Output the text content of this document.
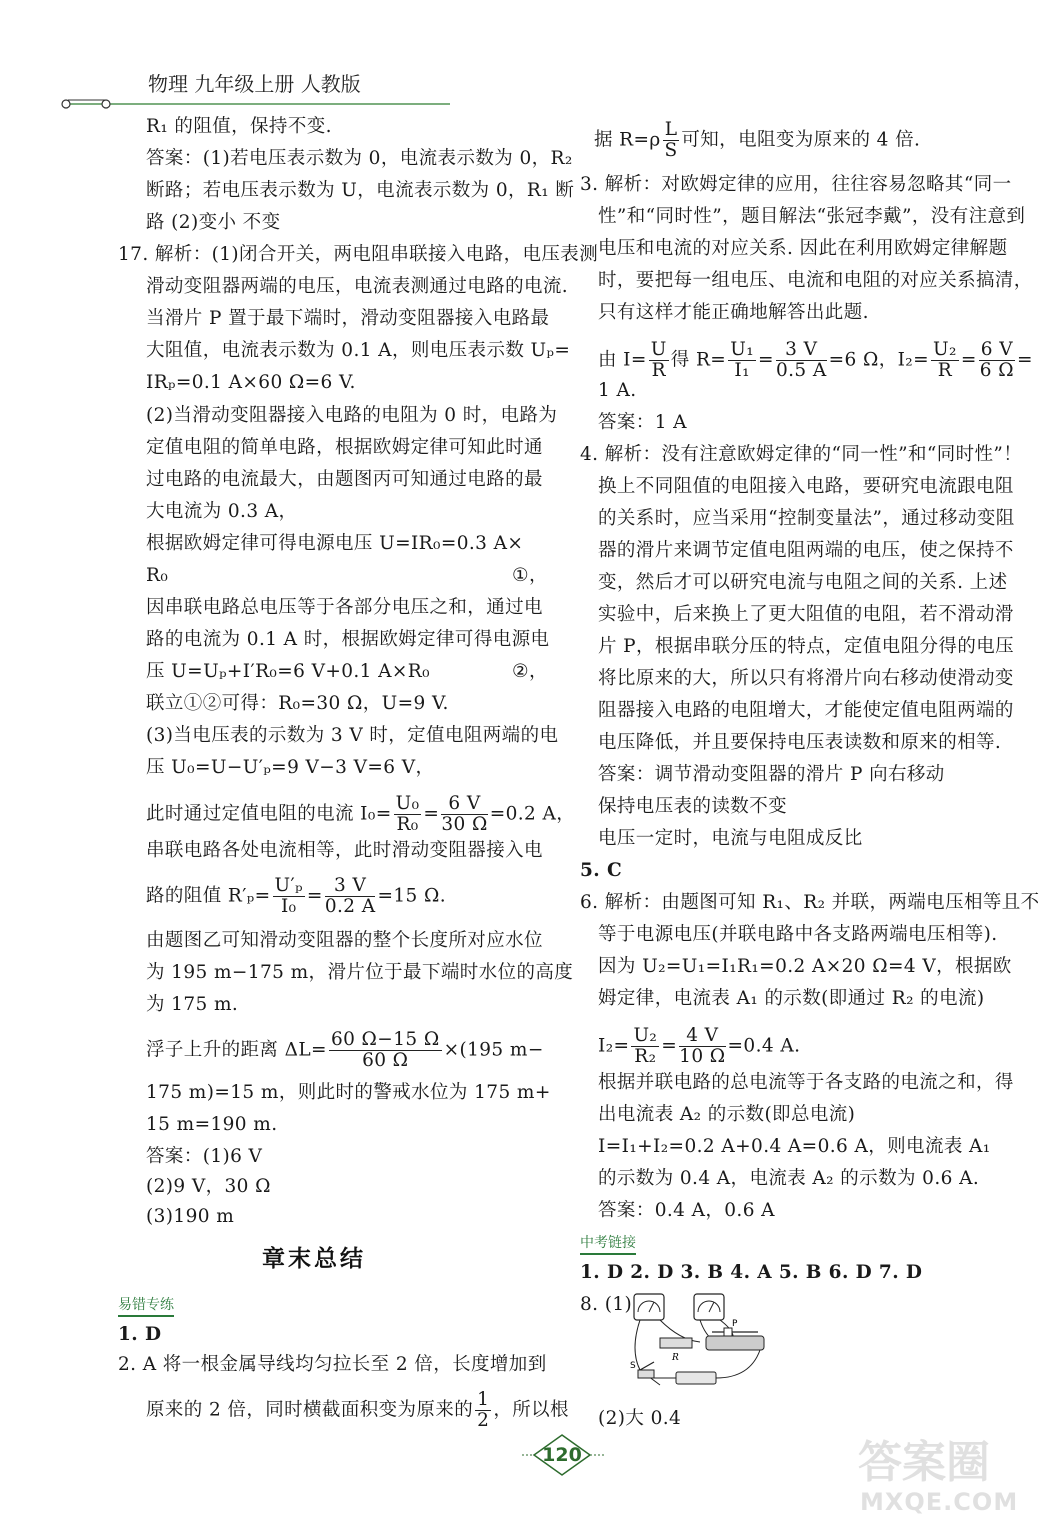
物理 九年级上册 人教版
R₁ 的阻值，保持不变.
答案：(1)若电压表示数为 0，电流表示数为 0，R₂
断路；若电压表示数为 U，电流表示数为 0，R₁ 断
路 (2)变小 不变
17. 解析：(1)闭合开关，两电阻串联接入电路，电压表测
滑动变阻器两端的电压，电流表测通过电路的电流.
当滑片 P 置于最下端时，滑动变阻器接入电路最
大阻值，电流表示数为 0.1 A，则电压表示数 Uₚ=
IRₚ=0.1 A×60 Ω=6 V.
(2)当滑动变阻器接入电路的电阻为 0 时，电路为
定值电阻的简单电路，根据欧姆定律可知此时通
过电路的电流最大，由题图丙可知通过电路的最
大电流为 0.3 A，
根据欧姆定律可得电源电压 U=IR₀=0.3 A×
R₀	①，
因串联电路总电压等于各部分电压之和，通过电
路的电流为 0.1 A 时，根据欧姆定律可得电源电
压 U=Uₚ+I′R₀=6 V+0.1 A×R₀	②，
联立①②可得：R₀=30 Ω，U=9 V.
(3)当电压表的示数为 3 V 时，定值电阻两端的电
压 U₀=U−U′ₚ=9 V−3 V=6 V，
此时通过定值电阻的电流 $I_0= \frac{\text{U₀}}{\text{R₀}} = \frac{6 V}{30 \Omega} =0.2$ A，
串联电路各处电流相等，此时滑动变阻器接入电
路的阻值 $R'_p= \frac{\text{U′ₚ}}{\text{I₀}} = \frac{3 V}{0.2 A} =15$ Ω.
由题图乙可知滑动变阻器的整个长度所对应水位
为 195 m−175 m，滑片位于最下端时水位的高度
为 175 m.
浮子上升的距离 $\Delta L= \frac{60 \Omega-15 \Omega}{60 \Omega} \times(195$ m−
175 m)=15 m，则此时的警戒水位为 175 m+
15 m=190 m.
答案：(1)6 V
(2)9 V，30 Ω
(3)190 m
章末总结
易错专练
1. D
2. A 将一根金属导线均匀拉长至 2 倍，长度增加到
原来的 2 倍，同时横截面积变为原来的 $\frac{1}{2}$ ，所以根
据 $R=\rho \frac{L}{S}$ 可知，电阻变为原来的 4 倍.
3. 解析：对欧姆定律的应用，往往容易忽略其“同一
性”和“同时性”，题目解法“张冠李戴”，没有注意到
电压和电流的对应关系. 因此在利用欧姆定律解题
时，要把每一组电压、电流和电阻的对应关系搞清，
只有这样才能正确地解答出此题.
由 $I= \frac{U}{R}$ 得 $R= \frac{\text{U₁}}{\text{I₁}} = \frac{3 V}{0.5 A} =6$ Ω，$I_2= \frac{\text{U₂}}{R} = \frac{6 V}{6 \Omega}$ =
1 A.
答案：1 A
4. 解析：没有注意欧姆定律的“同一性”和“同时性”！
换上不同阻值的电阻接入电路，要研究电流跟电阻
的关系时，应当采用“控制变量法”，通过移动变阻
器的滑片来调节定值电阻两端的电压，使之保持不
变，然后才可以研究电流与电阻之间的关系. 上述
实验中，后来换上了更大阻值的电阻，若不滑动滑
片 P，根据串联分压的特点，定值电阻分得的电压
将比原来的大，所以只有将滑片向右移动使滑动变
阻器接入电路的电阻增大，才能使定值电阻两端的
电压降低，并且要保持电压表读数和原来的相等.
答案：调节滑动变阻器的滑片 P 向右移动
保持电压表的读数不变
电压一定时，电流与电阻成反比
5. C
6. 解析：由题图可知 R₁、R₂ 并联，两端电压相等且不
等于电源电压(并联电路中各支路两端电压相等).
因为 U₂=U₁=I₁R₁=0.2 A×20 Ω=4 V，根据欧
姆定律，电流表 A₁ 的示数(即通过 R₂ 的电流)
$I_2= \frac{\text{U₂}}{\text{R₂}} = \frac{4 V}{10 \Omega} =0.4$ A.
根据并联电路的总电流等于各支路的电流之和，得
出电流表 A₂ 的示数(即总电流)
I=I₁+I₂=0.2 A+0.4 A=0.6 A，则电流表 A₁
的示数为 0.4 A，电流表 A₂ 的示数为 0.6 A.
答案：0.4 A，0.6 A
中考链接
1. D 2. D 3. B 4. A 5. B 6. D 7. D
8. (1)
P
S
R
(2)大 0.4
120	答案圈
MXQE.COM
